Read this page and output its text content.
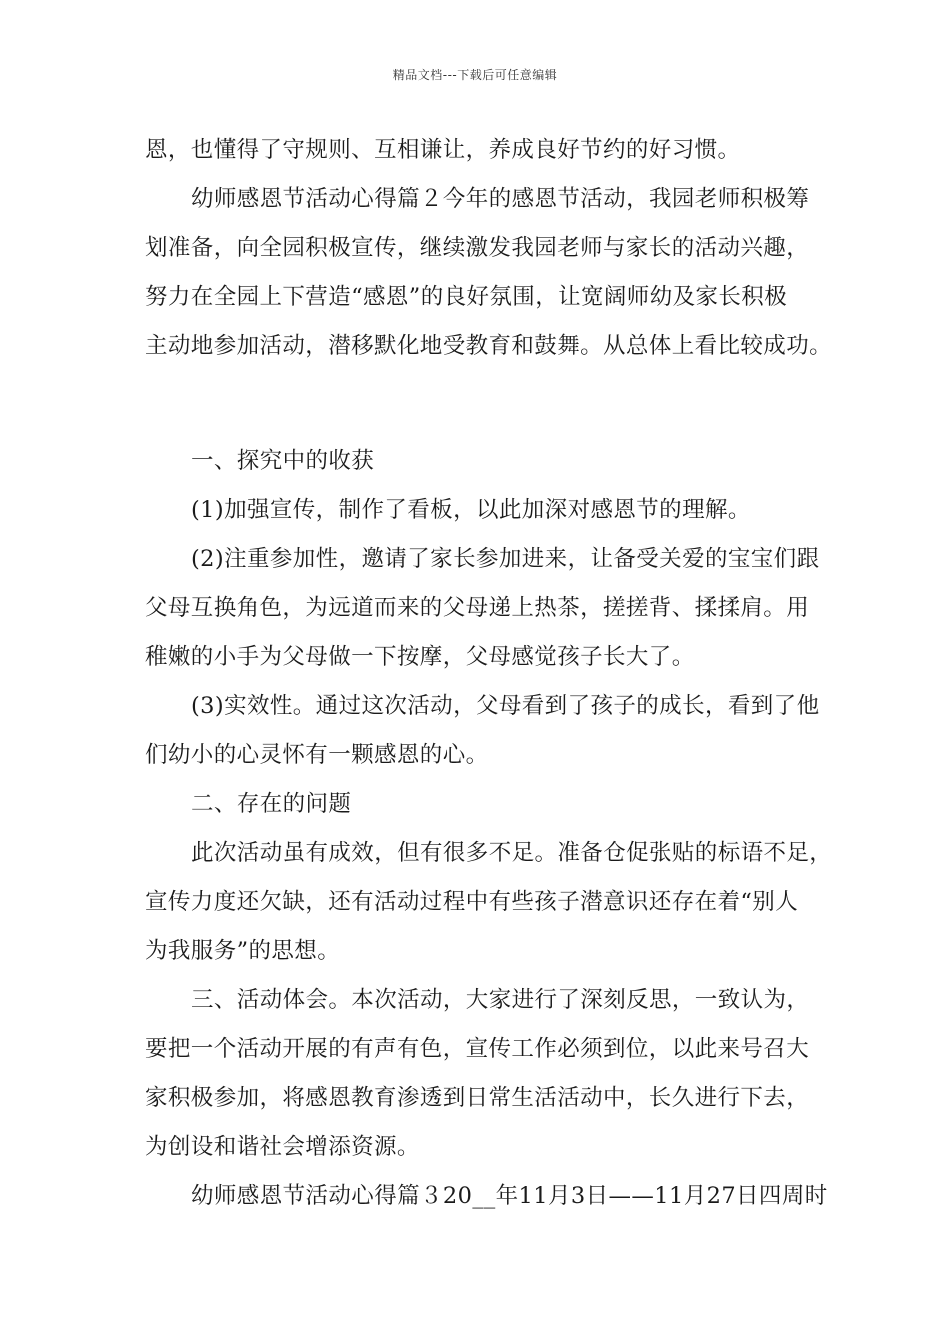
精品文档---下载后可任意编辑
恩，也懂得了守规则、互相谦让，养成良好节约的好习惯。
幼师感恩节活动心得篇２今年的感恩节活动，我园老师积极筹
划准备，向全园积极宣传，继续激发我园老师与家长的活动兴趣，
努力在全园上下营造“感恩”的良好氛围，让宽阔师幼及家长积极
主动地参加活动，潜移默化地受教育和鼓舞。从总体上看比较成功。
一、探究中的收获
(1)加强宣传，制作了看板，以此加深对感恩节的理解。
(2)注重参加性，邀请了家长参加进来，让备受关爱的宝宝们跟
父母互换角色，为远道而来的父母递上热茶，搓搓背、揉揉肩。用
稚嫩的小手为父母做一下按摩，父母感觉孩子长大了。
(3)实效性。通过这次活动，父母看到了孩子的成长，看到了他
们幼小的心灵怀有一颗感恩的心。
二、存在的问题
此次活动虽有成效，但有很多不足。准备仓促张贴的标语不足，
宣传力度还欠缺，还有活动过程中有些孩子潜意识还存在着“别人
为我服务”的思想。
三、活动体会。本次活动，大家进行了深刻反思，一致认为，
要把一个活动开展的有声有色，宣传工作必须到位，以此来号召大
家积极参加，将感恩教育渗透到日常生活活动中，长久进行下去，
为创设和谐社会增添资源。
幼师感恩节活动心得篇３20__年11月3日——11月27日四周时
